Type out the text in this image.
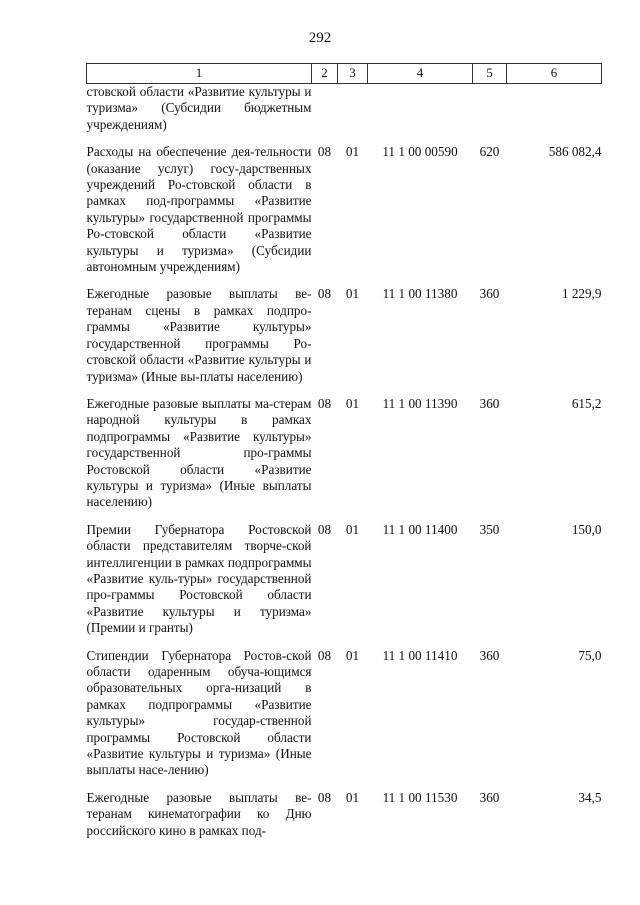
292
1	2	3	4	5	6
стовской области «Развитие культуры и туризма» (Субсидии бюджетным учреждениям)					
Расходы на обеспечение дея-тельности (оказание услуг) госу-дарственных учреждений Ро-стовской области в рамках под-программы «Развитие культуры» государственной программы Ро-стовской области «Развитие культуры и туризма» (Субсидии автономным учреждениям)	08	01	11 1 00 00590	620	586 082,4
Ежегодные разовые выплаты ве-теранам сцены в рамках подпро-граммы «Развитие культуры» государственной программы Ро-стовской области «Развитие культуры и туризма» (Иные вы-платы населению)	08	01	11 1 00 11380	360	1 229,9
Ежегодные разовые выплаты ма-стерам народной культуры в рамках подпрограммы «Развитие культуры» государственной про-граммы Ростовской области «Развитие культуры и туризма» (Иные выплаты населению)	08	01	11 1 00 11390	360	615,2
Премии Губернатора Ростовской области представителям творче-ской интеллигенции в рамках подпрограммы «Развитие куль-туры» государственной про-граммы Ростовской области «Развитие культуры и туризма» (Премии и гранты)	08	01	11 1 00 11400	350	150,0
Стипендии Губернатора Ростов-ской области одаренным обуча-ющимся образовательных орга-низаций в рамках подпрограммы «Развитие культуры» государ-ственной программы Ростовской области «Развитие культуры и туризма» (Иные выплаты насе-лению)	08	01	11 1 00 11410	360	75,0
Ежегодные разовые выплаты ве-теранам кинематографии ко Дню российского кино в рамках под-	08	01	11 1 00 11530	360	34,5
